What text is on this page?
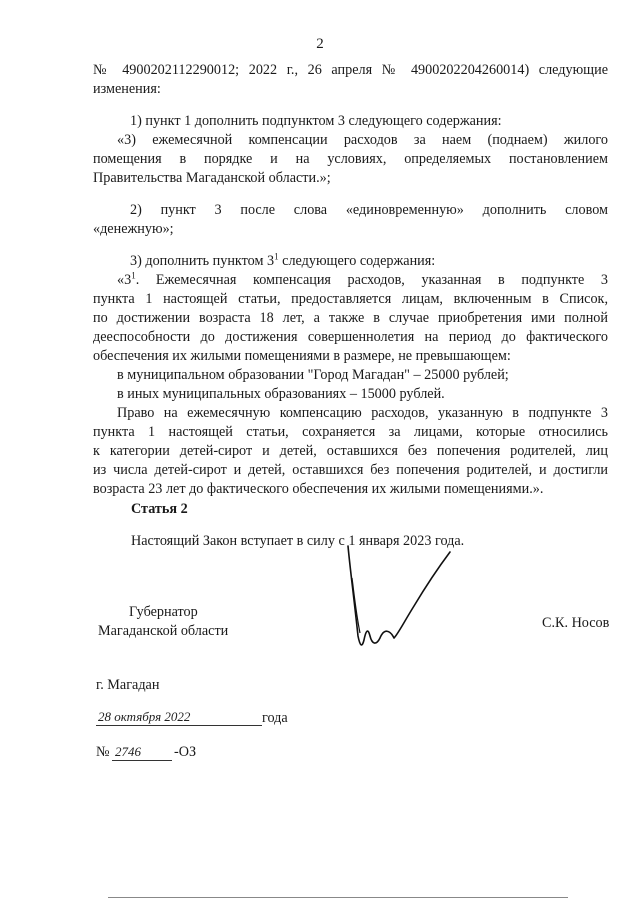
2

№ 4900202112290012; 2022 г., 26 апреля № 4900202204260014) следующие

изменения:

1) пункт 1 дополнить подпунктом 3 следующего содержания:

«3) ежемесячной компенсации расходов за наем (поднаем) жилого

помещения в порядке и на условиях, определяемых постановлением

Правительства Магаданской области.»;

2) пункт 3 после слова «единовременную» дополнить словом

«денежную»;

3) дополнить пунктом $3^1$ следующего содержания:

«$3^1$. Ежемесячная компенсация расходов, указанная в подпункте 3

пункта 1 настоящей статьи, предоставляется лицам, включенным в Список,

по достижении возраста 18 лет, а также в случае приобретения ими полной

дееспособности до достижения совершеннолетия на период до фактического

обеспечения их жилыми помещениями в размере, не превышающем:

в муниципальном образовании "Город Магадан" – 25000 рублей;

в иных муниципальных образованиях – 15000 рублей.

Право на ежемесячную компенсацию расходов, указанную в подпункте 3

пункта 1 настоящей статьи, сохраняется за лицами, которые относились

к категории детей-сирот и детей, оставшихся без попечения родителей, лиц

из числа детей-сирот и детей, оставшихся без попечения родителей, и достигли

возраста 23 лет до фактического обеспечения их жилыми помещениями.».

Статья 2

Настоящий Закон вступает в силу с 1 января 2023 года.

Губернатор
Магаданской области	С.К. Носов
г. Магадан
28 октября 2022	года
№ 2746	-ОЗ
